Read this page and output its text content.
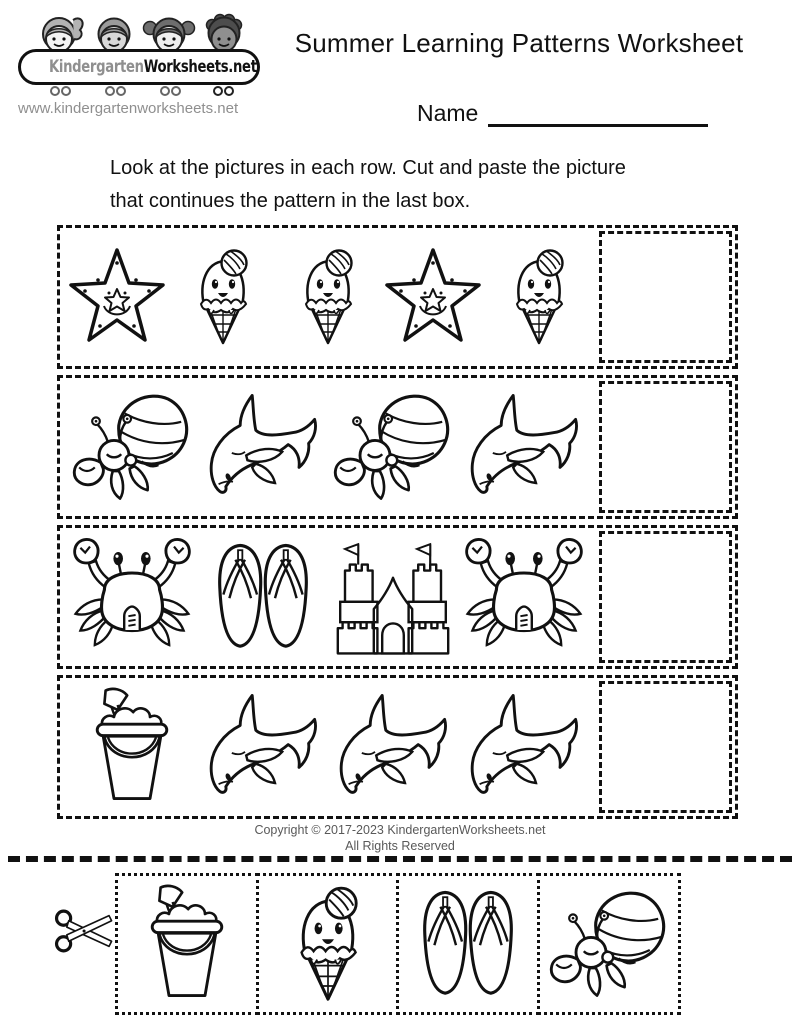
KindergartenWorksheets.net
www.kindergartenworksheets.net
Summer Learning Patterns Worksheet
Name
Look at the pictures in each row. Cut and paste the picture
that continues the pattern in the last box.
Copyright © 2017-2023 KindergartenWorksheets.net
All Rights Reserved
